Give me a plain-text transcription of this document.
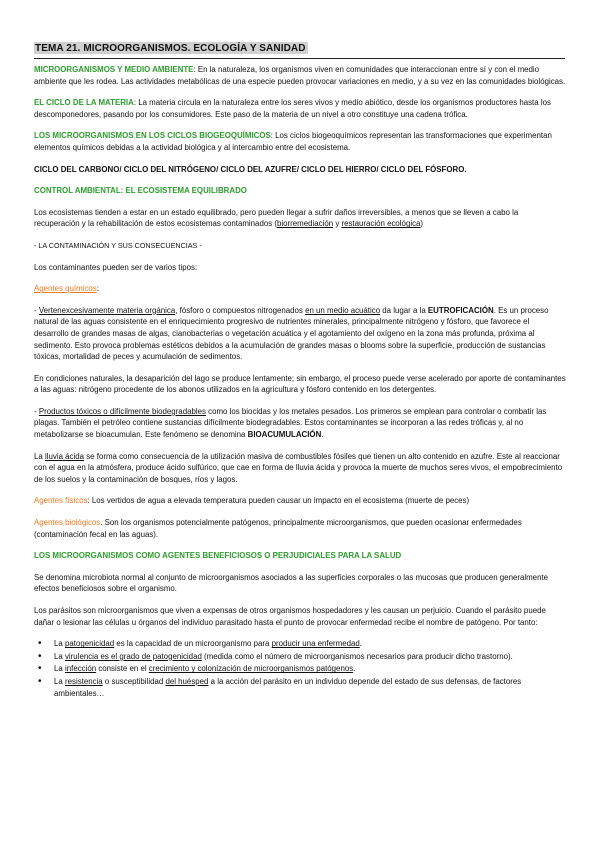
TEMA 21. MICROORGANISMOS. ECOLOGÍA Y SANIDAD

MICROORGANISMOS Y MEDIO AMBIENTE: En la naturaleza, los organismos viven en comunidades que interaccionan entre sí y con el medio ambiente que les rodea. Las actividades metabólicas de una especie pueden provocar variaciones en medio, y a su vez en las comunidades biológicas.

EL CICLO DE LA MATERIA: La materia circula en la naturaleza entre los seres vivos y medio abiótico, desde los organismos productores hasta los descomponedores, pasando por los consumidores. Este paso de la materia de un nivel a otro constituye una cadena trófica.

LOS MICROORGANISMOS EN LOS CICLOS BIOGEOQUÍMICOS: Los ciclos biogeoquímicos representan las transformaciones que experimentan elementos químicos debidas a la actividad biológica y al intercambio entre del ecosistema.

CICLO DEL CARBONO/ CICLO DEL NITRÓGENO/ CICLO DEL AZUFRE/ CICLO DEL HIERRO/ CICLO DEL FÓSFORO.

CONTROL AMBIENTAL: EL ECOSISTEMA EQUILIBRADO

Los ecosistemas tienden a estar en un estado equilibrado, pero pueden llegar a sufrir daños irreversibles, a menos que se lleven a cabo la recuperación y la rehabilitación de estos ecosistemas contaminados (biorremediación y restauración ecológica)

- LA CONTAMINACIÓN Y SUS CONSECUENCIAS -

Los contaminantes pueden ser de varios tipos:

Agentes químicos:

- Vertenexcesivamente materia orgánica, fósforo o compuestos nitrogenados en un medio acuático da lugar a la EUTROFICACIÓN. Es un proceso natural de las aguas consistente en el enriquecimiento progresivo de nutrientes minerales, principalmente nitrógeno y fósforo, que favorece el desarrollo de grandes masas de algas, cianobacterias o vegetación acuática y el agotamiento del oxígeno en la zona más profunda, próxima al sedimento. Esto provoca problemas estéticos debidos a la acumulación de grandes masas o blooms sobre la superficie, producción de sustancias tóxicas, mortalidad de peces y acumulación de sedimentos.

En condiciones naturales, la desaparición del lago se produce lentamente; sin embargo, el proceso puede verse acelerado por aporte de contaminantes a las aguas: nitrógeno procedente de los abonos utilizados en la agricultura y fósforo contenido en los detergentes.

- Productos tóxicos o difícilmente biodegradables como los biocidas y los metales pesados. Los primeros se emplean para controlar o combatir las plagas. También el petróleo contiene sustancias difícilmente biodegradables. Estos contaminantes se incorporan a las redes tróficas y, al no metabolizarse se bioacumulan. Este fenómeno se denomina BIOACUMULACIÓN.

La lluvia ácida se forma como consecuencia de la utilización masiva de combustibles fósiles que tienen un alto contenido en azufre. Este al reaccionar con el agua en la atmósfera, produce ácido sulfúrico, que cae en forma de lluvia ácida y provoca la muerte de muchos seres vivos, el empobrecimiento de los suelos y la contaminación de bosques, ríos y lagos.

Agentes físicos: Los vertidos de agua a elevada temperatura pueden causar un impacto en el ecosistema (muerte de peces)

Agentes biológicos. Son los organismos potencialmente patógenos, principalmente microorganismos, que pueden ocasionar enfermedades (contaminación fecal en las aguas).

LOS MICROORGANISMOS COMO AGENTES BENEFICIOSOS O PERJUDICIALES PARA LA SALUD

Se denomina microbiota normal al conjunto de microorganismos asociados a las superficies corporales o las mucosas que producen generalmente efectos beneficiosos sobre el organismo.

Los parásitos son microorganismos que viven a expensas de otros organismos hospedadores y les causan un perjuicio. Cuando el parásito puede dañar o lesionar las células u órganos del individuo parasitado hasta el punto de provocar enfermedad recibe el nombre de patógeno. Por tanto:

• La patogenicidad es la capacidad de un microorganismo para producir una enfermedad.
• La virulencia es el grado de patogenicidad (medida como el número de microorganismos necesarios para producir dicho trastorno).
• La infección consiste en el crecimiento y colonización de microorganismos patógenos.
• La resistencia o susceptibilidad del huésped a la acción del parásito en un individuo depende del estado de sus defensas, de factores ambientales…
